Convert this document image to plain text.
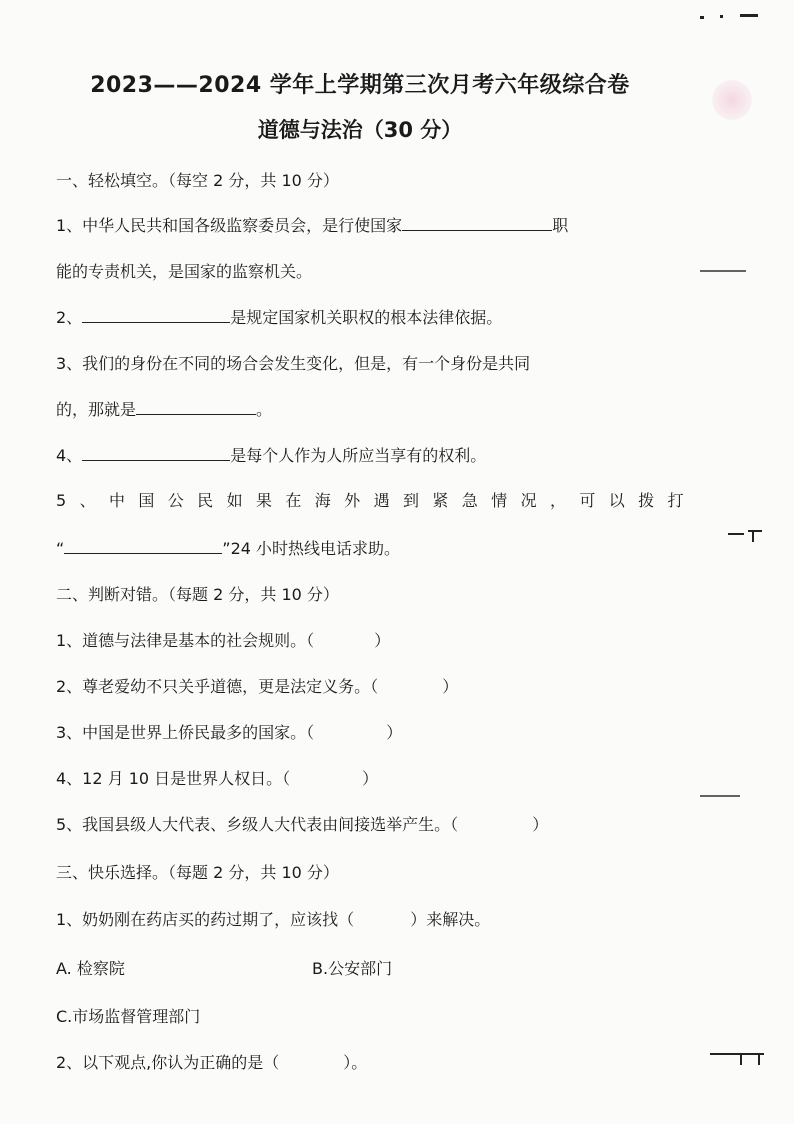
2023——2024 学年上学期第三次月考六年级综合卷
道德与法治（30 分）
一、轻松填空。（每空 2 分，共 10 分）
1、中华人民共和国各级监察委员会，是行使国家	职
能的专责机关，是国家的监察机关。
2、	是规定国家机关职权的根本法律依据。
3、我们的身份在不同的场合会发生变化，但是，有一个身份是共同
的，那就是	。
4、	是每个人作为人所应当享有的权利。
5、中国公民如果在海外遇到紧急情况，可以拨打
“	”24 小时热线电话求助。
二、判断对错。（每题 2 分，共 10 分）
1、道德与法律是基本的社会规则。（	）
2、尊老爱幼不只关乎道德，更是法定义务。（	）
3、中国是世界上侨民最多的国家。（	）
4、12 月 10 日是世界人权日。（	）
5、我国县级人大代表、乡级人大代表由间接选举产生。（	）
三、快乐选择。（每题 2 分，共 10 分）
1、奶奶刚在药店买的药过期了，应该找（	）来解决。
A. 检察院	B.公安部门
C.市场监督管理部门
2、以下观点,你认为正确的是（	）。
